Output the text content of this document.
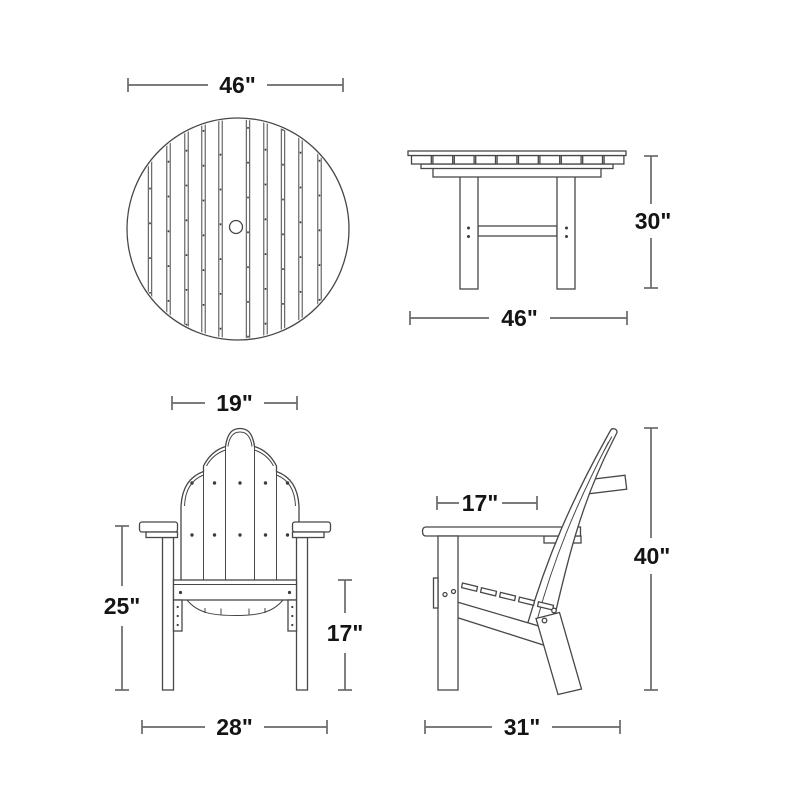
46"
30"
46"
19"
25"
17"
28"
17"
40"
31"
